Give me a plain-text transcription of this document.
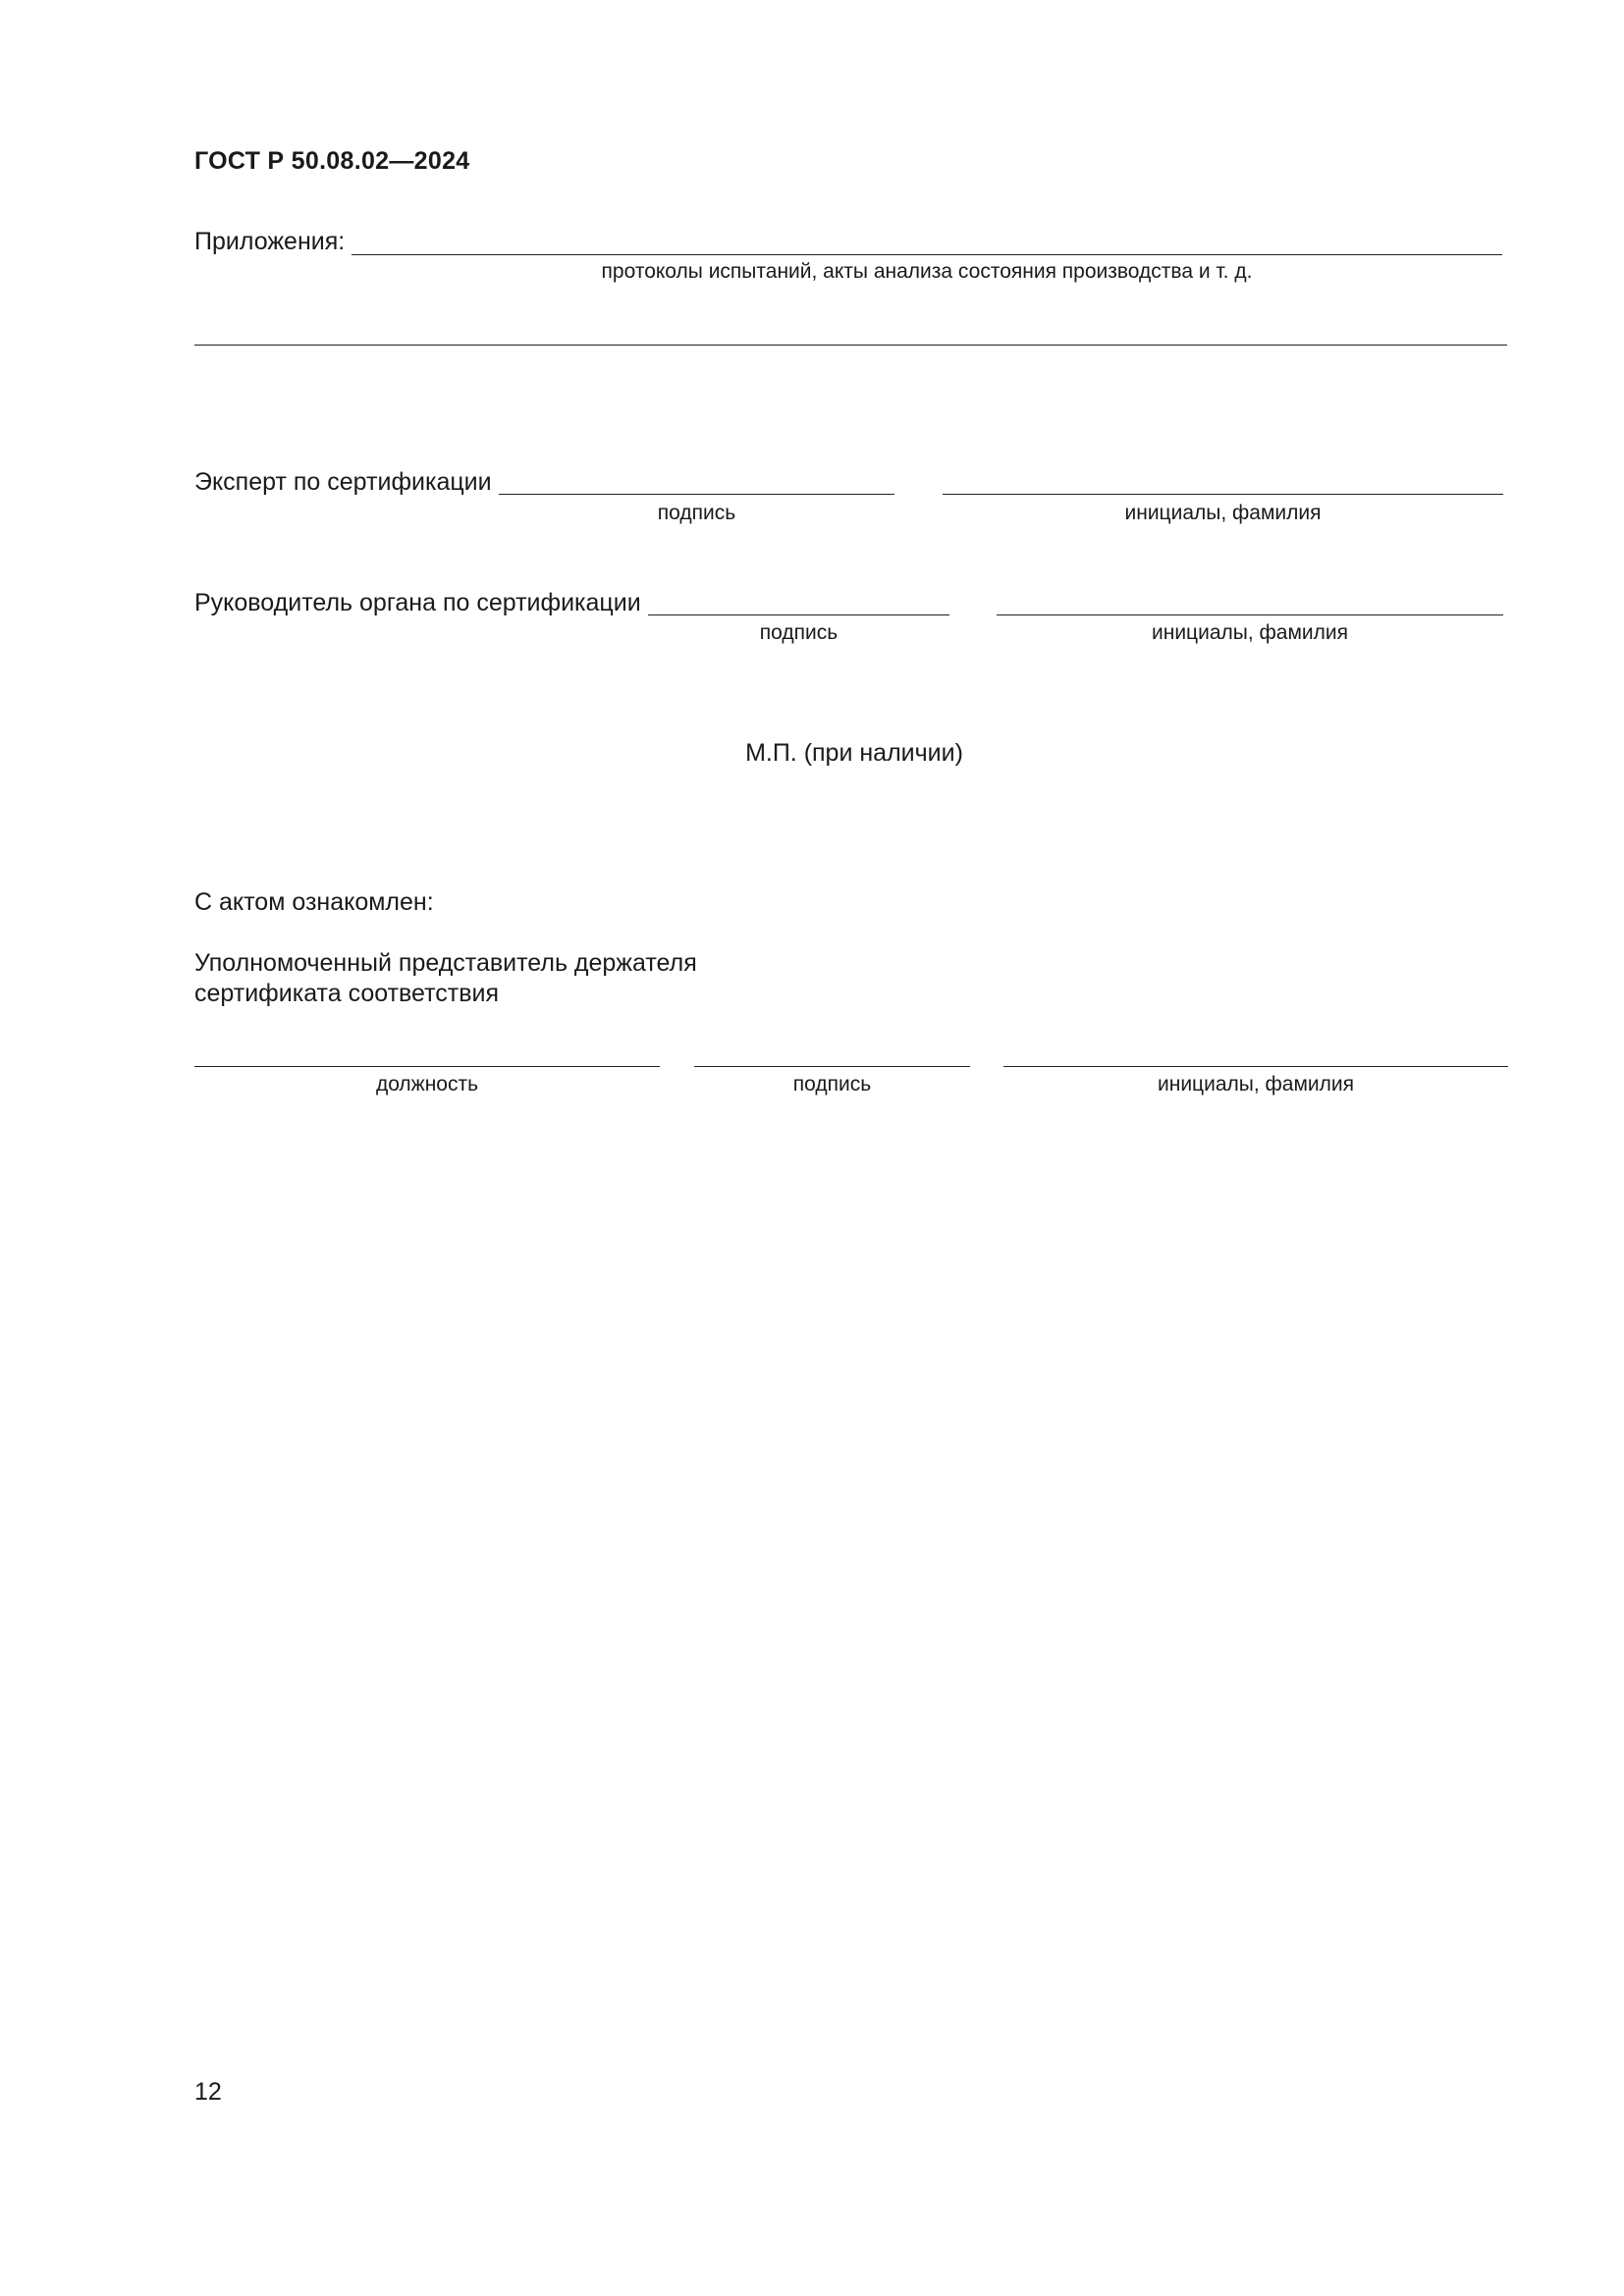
ГОСТ Р 50.08.02—2024
Приложения:
протоколы испытаний, акты анализа состояния производства и т. д.
Эксперт по сертификации
подпись	инициалы, фамилия
Руководитель органа по сертификации
подпись	инициалы, фамилия
М.П. (при наличии)
С актом ознакомлен:
Уполномоченный представитель держателя
сертификата соответствия
должность	подпись	инициалы, фамилия
12
